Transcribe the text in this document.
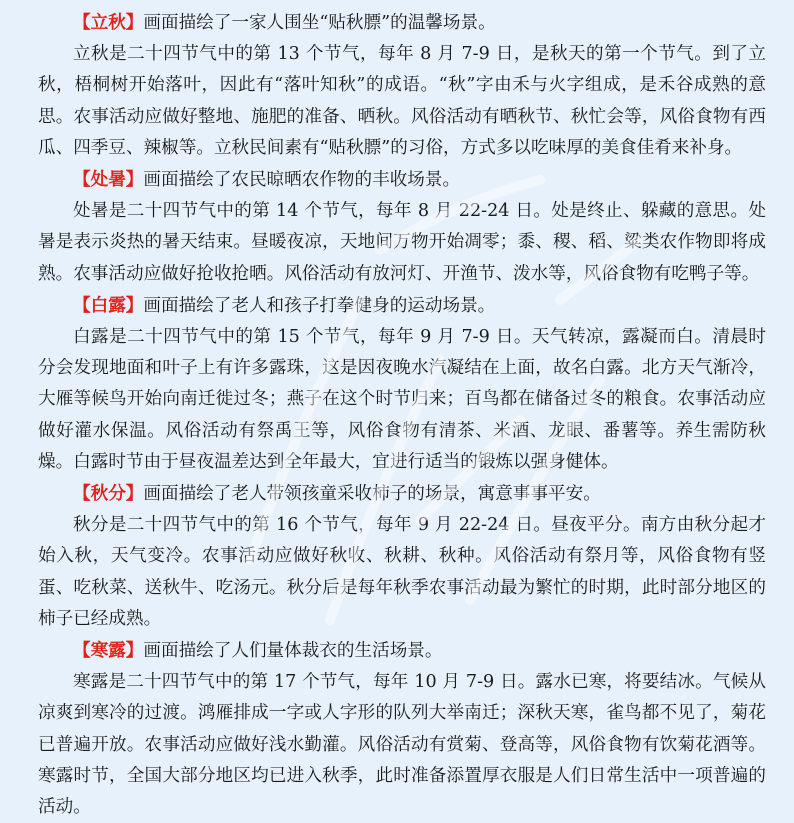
【立秋】画面描绘了一家人围坐“贴秋膘”的温馨场景。

立秋是二十四节气中的第 13 个节气，每年 8 月 7-9 日，是秋天的第一个节气。到了立秋，梧桐树开始落叶，因此有“落叶知秋”的成语。“秋”字由禾与火字组成，是禾谷成熟的意思。农事活动应做好整地、施肥的准备、晒秋。风俗活动有晒秋节、秋忙会等，风俗食物有西瓜、四季豆、辣椒等。立秋民间素有“贴秋膘”的习俗，方式多以吃味厚的美食佳肴来补身。

【处暑】画面描绘了农民晾晒农作物的丰收场景。

处暑是二十四节气中的第 14 个节气，每年 8 月 22-24 日。处是终止、躲藏的意思。处暑是表示炎热的暑天结束。昼暖夜凉，天地间万物开始凋零；黍、稷、稻、粱类农作物即将成熟。农事活动应做好抢收抢晒。风俗活动有放河灯、开渔节、泼水等，风俗食物有吃鸭子等。

【白露】画面描绘了老人和孩子打拳健身的运动场景。

白露是二十四节气中的第 15 个节气，每年 9 月 7-9 日。天气转凉，露凝而白。清晨时分会发现地面和叶子上有许多露珠，这是因夜晚水汽凝结在上面，故名白露。北方天气渐冷，大雁等候鸟开始向南迁徙过冬；燕子在这个时节归来；百鸟都在储备过冬的粮食。农事活动应做好灌水保温。风俗活动有祭禹王等，风俗食物有清茶、米酒、龙眼、番薯等。养生需防秋燥。白露时节由于昼夜温差达到全年最大，宜进行适当的锻炼以强身健体。

【秋分】画面描绘了老人带领孩童采收柿子的场景，寓意事事平安。

秋分是二十四节气中的第 16 个节气，每年 9 月 22-24 日。昼夜平分。南方由秋分起才始入秋，天气变冷。农事活动应做好秋收、秋耕、秋种。风俗活动有祭月等，风俗食物有竖蛋、吃秋菜、送秋牛、吃汤元。秋分后是每年秋季农事活动最为繁忙的时期，此时部分地区的柿子已经成熟。

【寒露】画面描绘了人们量体裁衣的生活场景。

寒露是二十四节气中的第 17 个节气，每年 10 月 7-9 日。露水已寒，将要结冰。气候从凉爽到寒冷的过渡。鸿雁排成一字或人字形的队列大举南迁；深秋天寒，雀鸟都不见了，菊花已普遍开放。农事活动应做好浅水勤灌。风俗活动有赏菊、登高等，风俗食物有饮菊花酒等。寒露时节，全国大部分地区均已进入秋季，此时准备添置厚衣服是人们日常生活中一项普遍的活动。
